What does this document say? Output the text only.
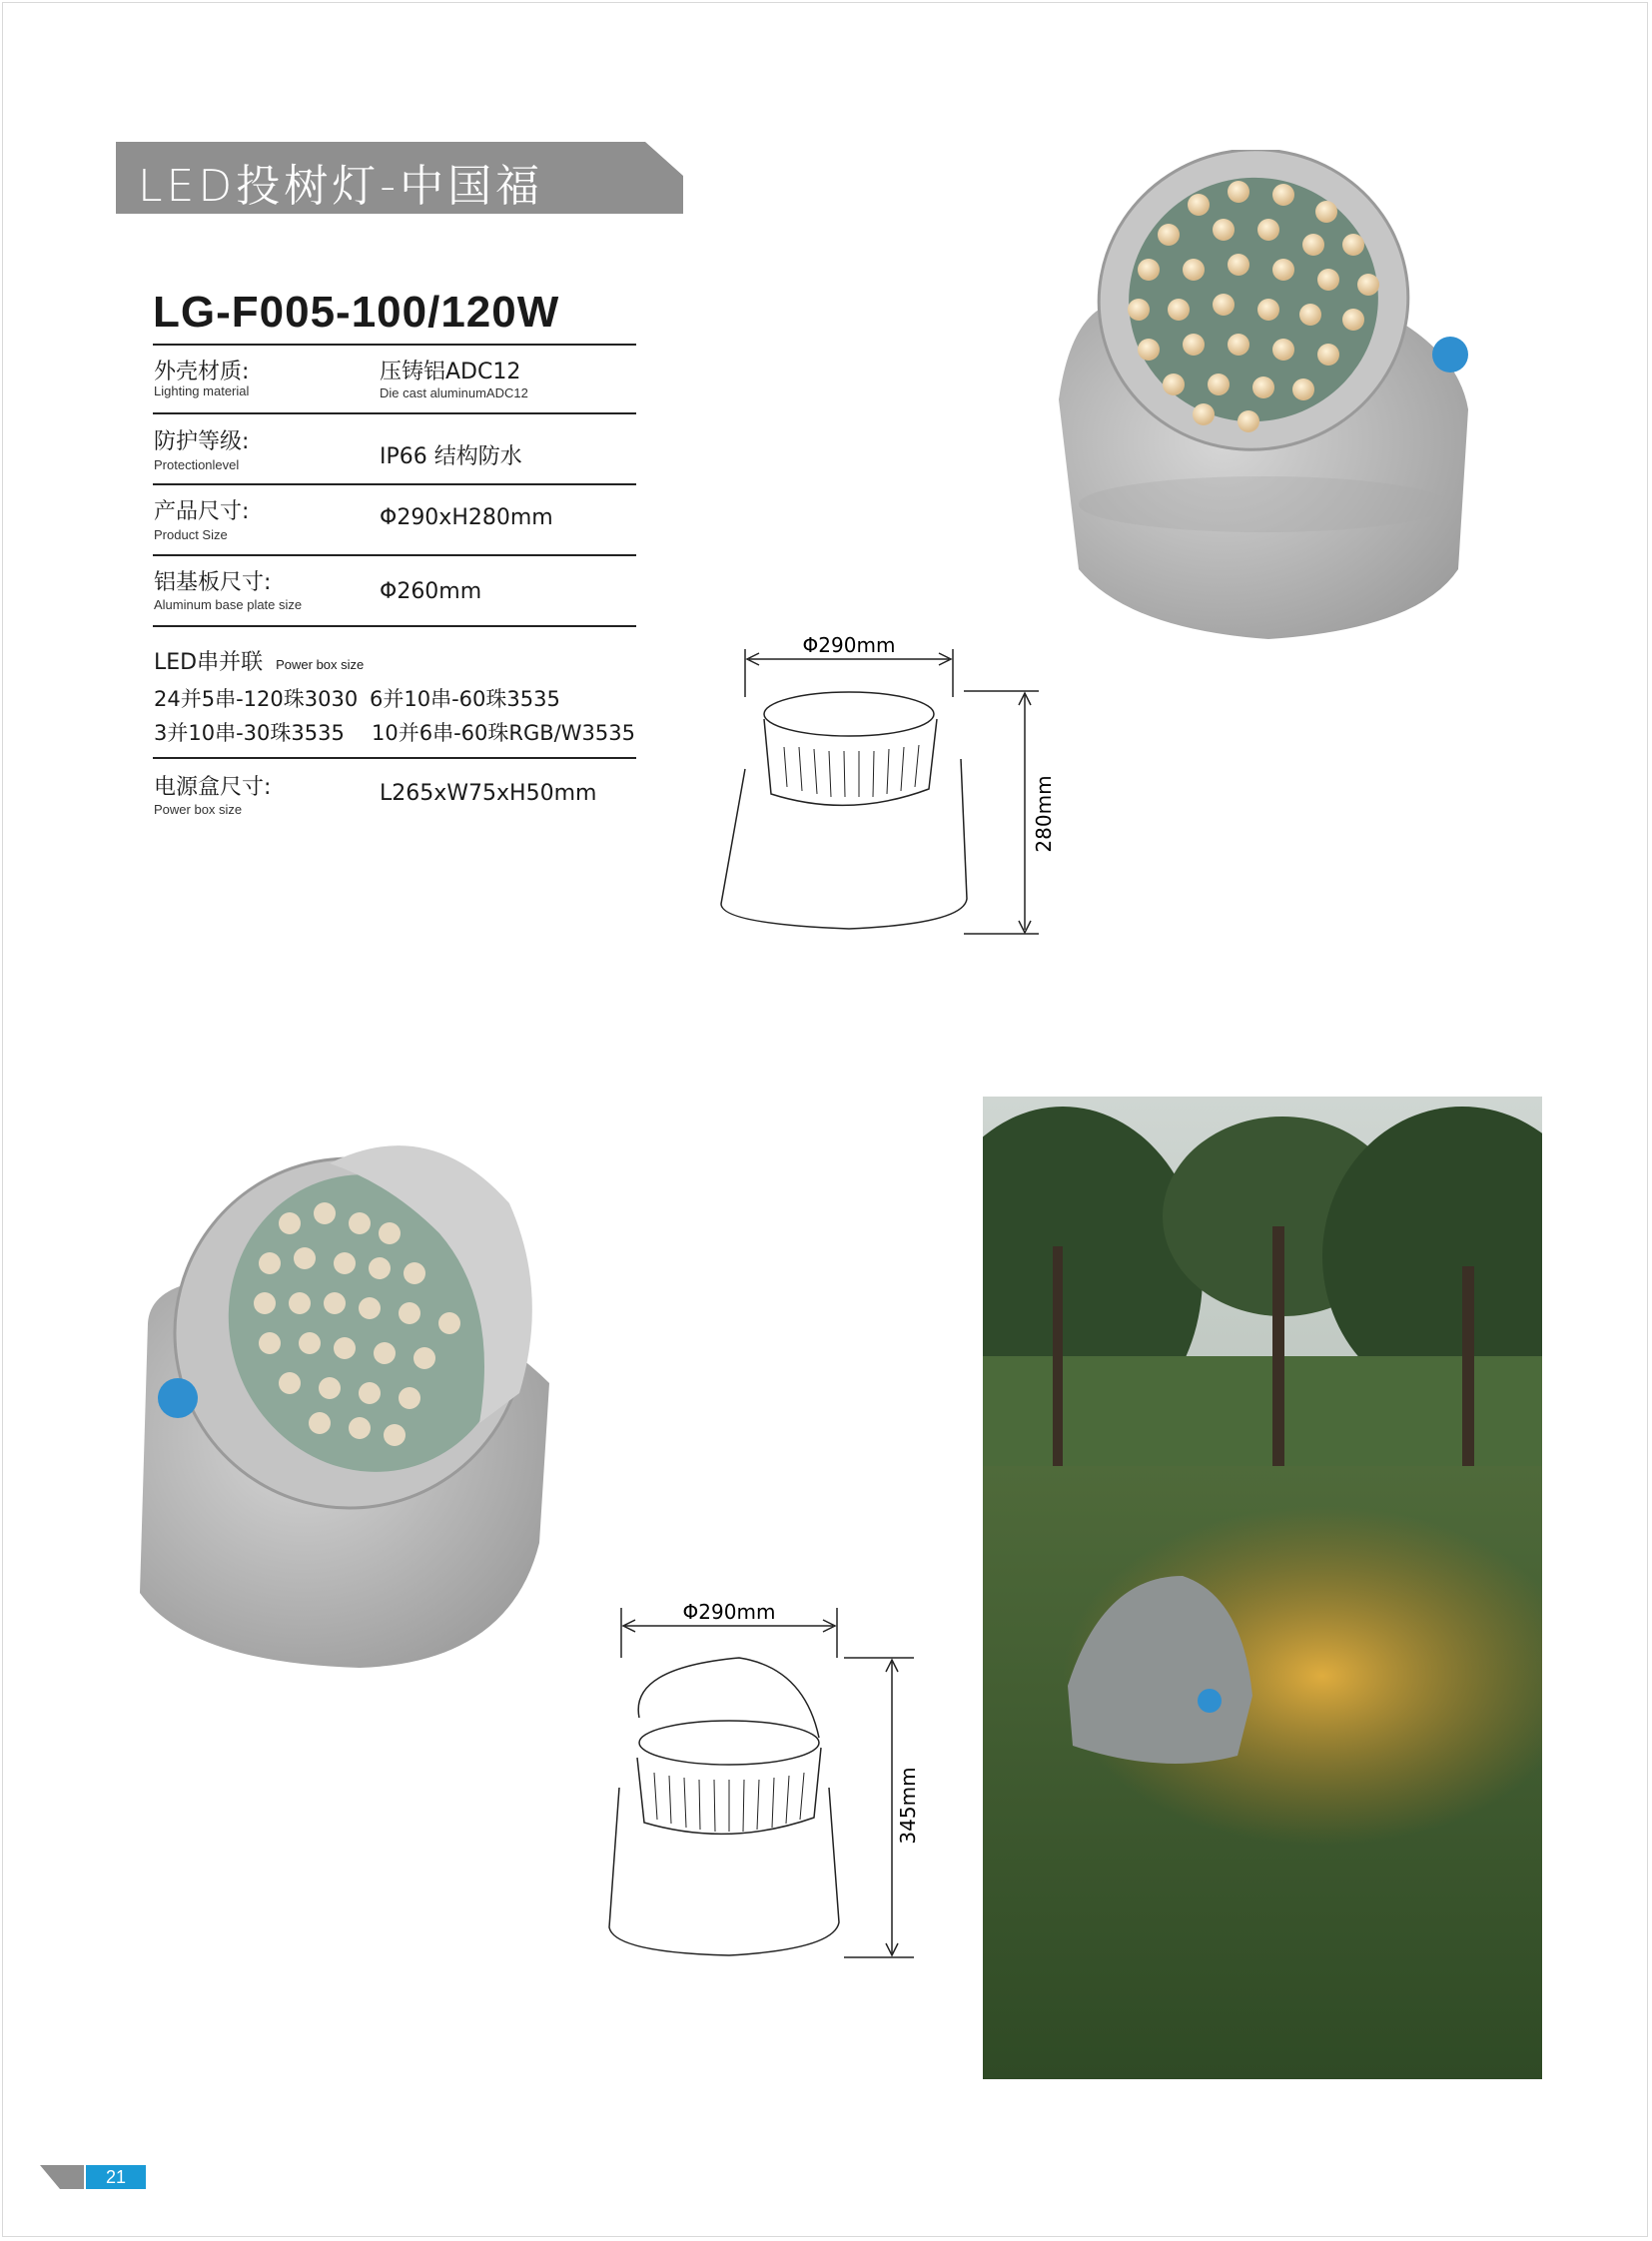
LED投树灯-中国福
LG-F005-100/120W
外壳材质:
Lighting material
压铸铝ADC12
Die cast aluminumADC12
防护等级:
Protectionlevel	IP66 结构防水
产品尺寸:
Product Size
Φ290xH280mm
铝基板尺寸:
Aluminum base plate size
Φ260mm
LED串并联 Power box size
24并5串-120珠3030 6并10串-60珠3535
3并10串-30珠3535 10并6串-60珠RGB/W3535
电源盒尺寸:
Power box size
L265xW75xH50mm
Φ290mm
280mm
Φ290mm
345mm
21
